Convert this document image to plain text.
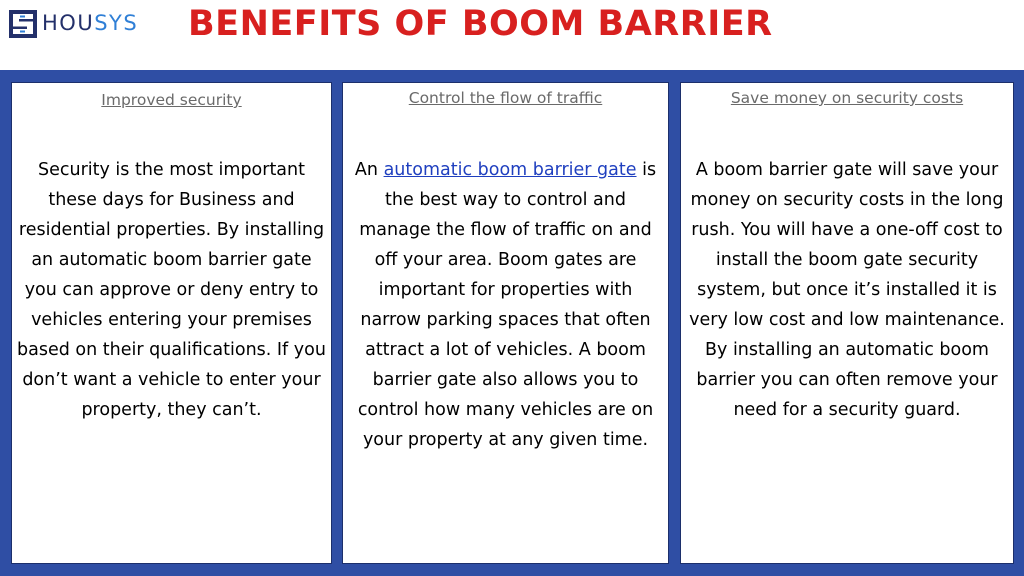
HOUSYS BENEFITS OF BOOM BARRIER
Improved security
Security is the most important these days for Business and residential properties. By installing an automatic boom barrier gate you can approve or deny entry to vehicles entering your premises based on their qualifications. If you don’t want a vehicle to enter your property, they can’t.
Control the flow of traffic
An automatic boom barrier gate is the best way to control and manage the flow of traffic on and off your area. Boom gates are important for properties with narrow parking spaces that often attract a lot of vehicles. A boom barrier gate also allows you to control how many vehicles are on your property at any given time.
Save money on security costs
A boom barrier gate will save your money on security costs in the long rush. You will have a one-off cost to install the boom gate security system, but once it’s installed it is very low cost and low maintenance. By installing an automatic boom barrier you can often remove your need for a security guard.
